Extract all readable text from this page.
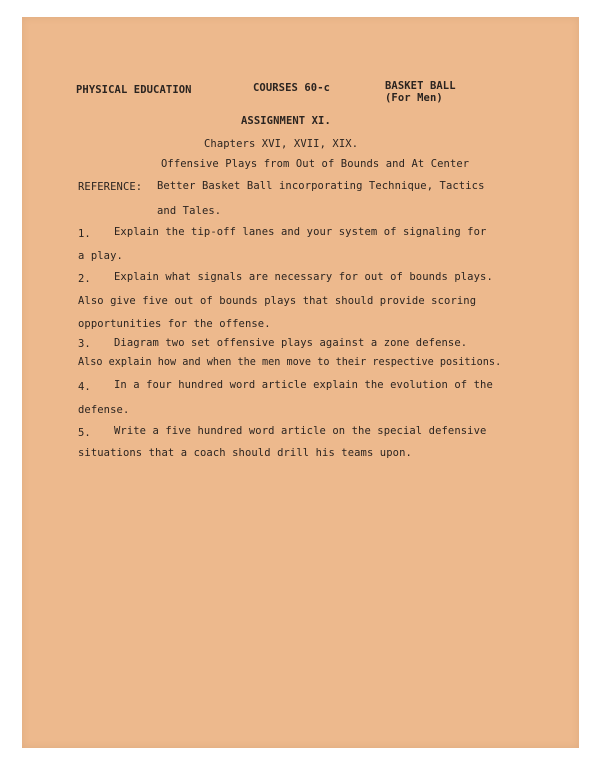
PHYSICAL EDUCATION	COURSES 60-c	BASKET BALL
(For Men)
ASSIGNMENT XI.
Chapters XVI, XVII, XIX.
Offensive Plays from Out of Bounds and At Center
REFERENCE: Better Basket Ball incorporating Technique, Tactics
and Tales.
1. Explain the tip-off lanes and your system of signaling for
a play.
2. Explain what signals are necessary for out of bounds plays.
Also give five out of bounds plays that should provide scoring
opportunities for the offense.
3. Diagram two set offensive plays against a zone defense.
Also explain how and when the men move to their respective positions.
4. In a four hundred word article explain the evolution of the
defense.
5. Write a five hundred word article on the special defensive
situations that a coach should drill his teams upon.
